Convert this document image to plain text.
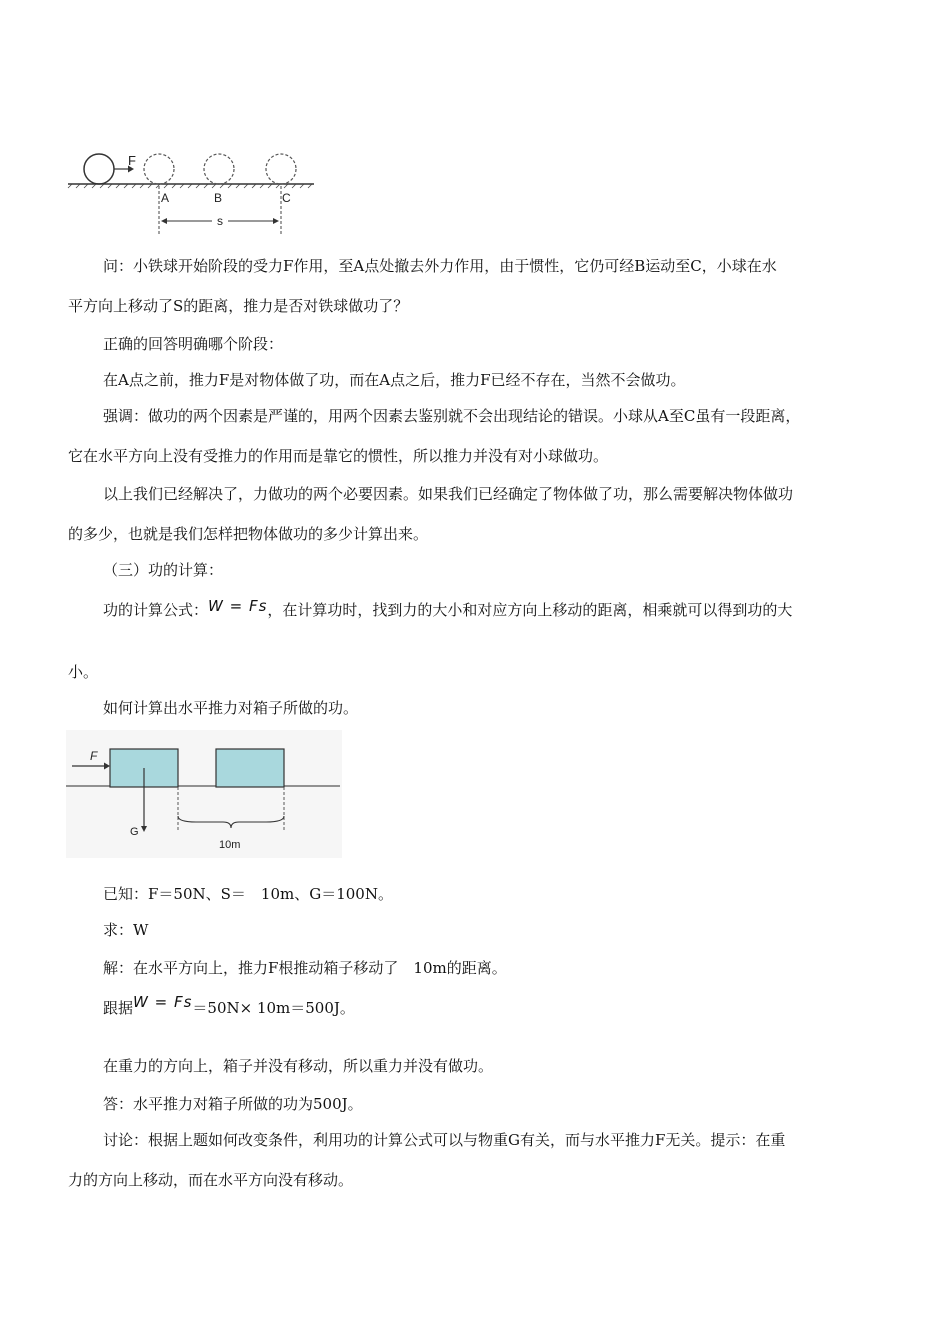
F
A	B	C
s
问：小铁球开始阶段的受力F作用，至A点处撤去外力作用，由于惯性，它仍可经B运动至C，小球在水
平方向上移动了S的距离，推力是否对铁球做功了？
正确的回答明确哪个阶段：
在A点之前，推力F是对物体做了功，而在A点之后，推力F已经不存在，当然不会做功。
强调：做功的两个因素是严谨的，用两个因素去鉴别就不会出现结论的错误。小球从A至C虽有一段距离，
它在水平方向上没有受推力的作用而是靠它的惯性，所以推力并没有对小球做功。
以上我们已经解决了，力做功的两个必要因素。如果我们已经确定了物体做了功，那么需要解决物体做功
的多少，也就是我们怎样把物体做功的多少计算出来。
（三）功的计算：
功的计算公式：W = Fs，在计算功时，找到力的大小和对应方向上移动的距离，相乘就可以得到功的大
小。
如何计算出水平推力对箱子所做的功。
F
G
10m
已知：F＝50N、S＝　10m、G＝100N。
求：W
解：在水平方向上，推力F根推动箱子移动了　10m的距离。
跟据W = Fs＝50N× 10m＝500J。
在重力的方向上，箱子并没有移动，所以重力并没有做功。
答：水平推力对箱子所做的功为500J。
讨论：根据上题如何改变条件，利用功的计算公式可以与物重G有关，而与水平推力F无关。提示：在重
力的方向上移动，而在水平方向没有移动。
